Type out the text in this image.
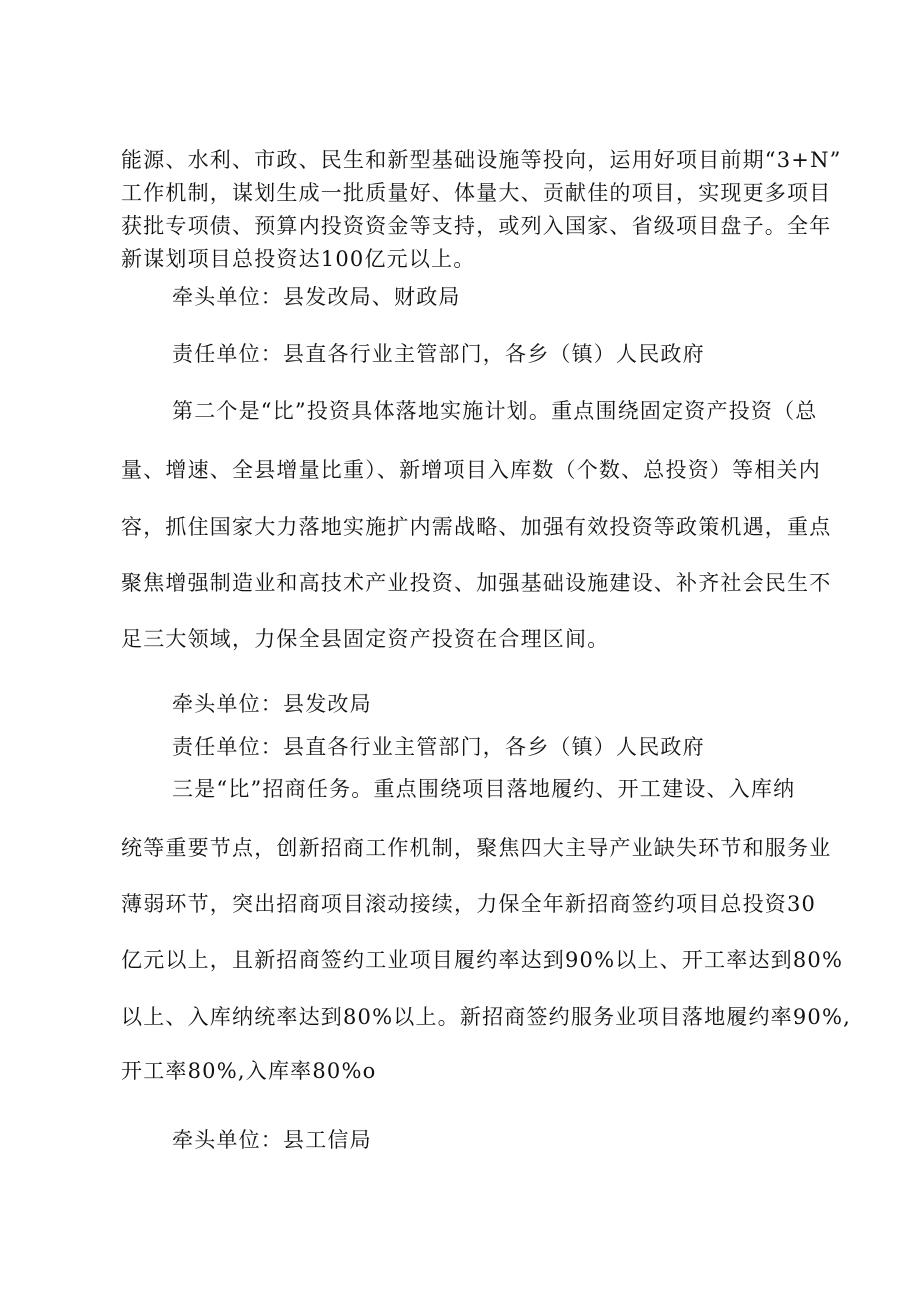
能源、水利、市政、民生和新型基础设施等投向，运用好项目前期“3+N”
工作机制，谋划生成一批质量好、体量大、贡献佳的项目，实现更多项目
获批专项债、预算内投资资金等支持，或列入国家、省级项目盘子。全年
新谋划项目总投资达100亿元以上。
牵头单位：县发改局、财政局
责任单位：县直各行业主管部门，各乡（镇）人民政府
第二个是“比”投资具体落地实施计划。重点围绕固定资产投资（总
量、增速、全县增量比重）、新增项目入库数（个数、总投资）等相关内
容，抓住国家大力落地实施扩内需战略、加强有效投资等政策机遇，重点
聚焦增强制造业和高技术产业投资、加强基础设施建设、补齐社会民生不
足三大领域，力保全县固定资产投资在合理区间。
牵头单位：县发改局
责任单位：县直各行业主管部门，各乡（镇）人民政府
三是“比”招商任务。重点围绕项目落地履约、开工建设、入库纳
统等重要节点，创新招商工作机制，聚焦四大主导产业缺失环节和服务业
薄弱环节，突出招商项目滚动接续，力保全年新招商签约项目总投资30
亿元以上，且新招商签约工业项目履约率达到90%以上、开工率达到80%
以上、入库纳统率达到80%以上。新招商签约服务业项目落地履约率90%,
开工率80%,入库率80%o
牵头单位：县工信局
